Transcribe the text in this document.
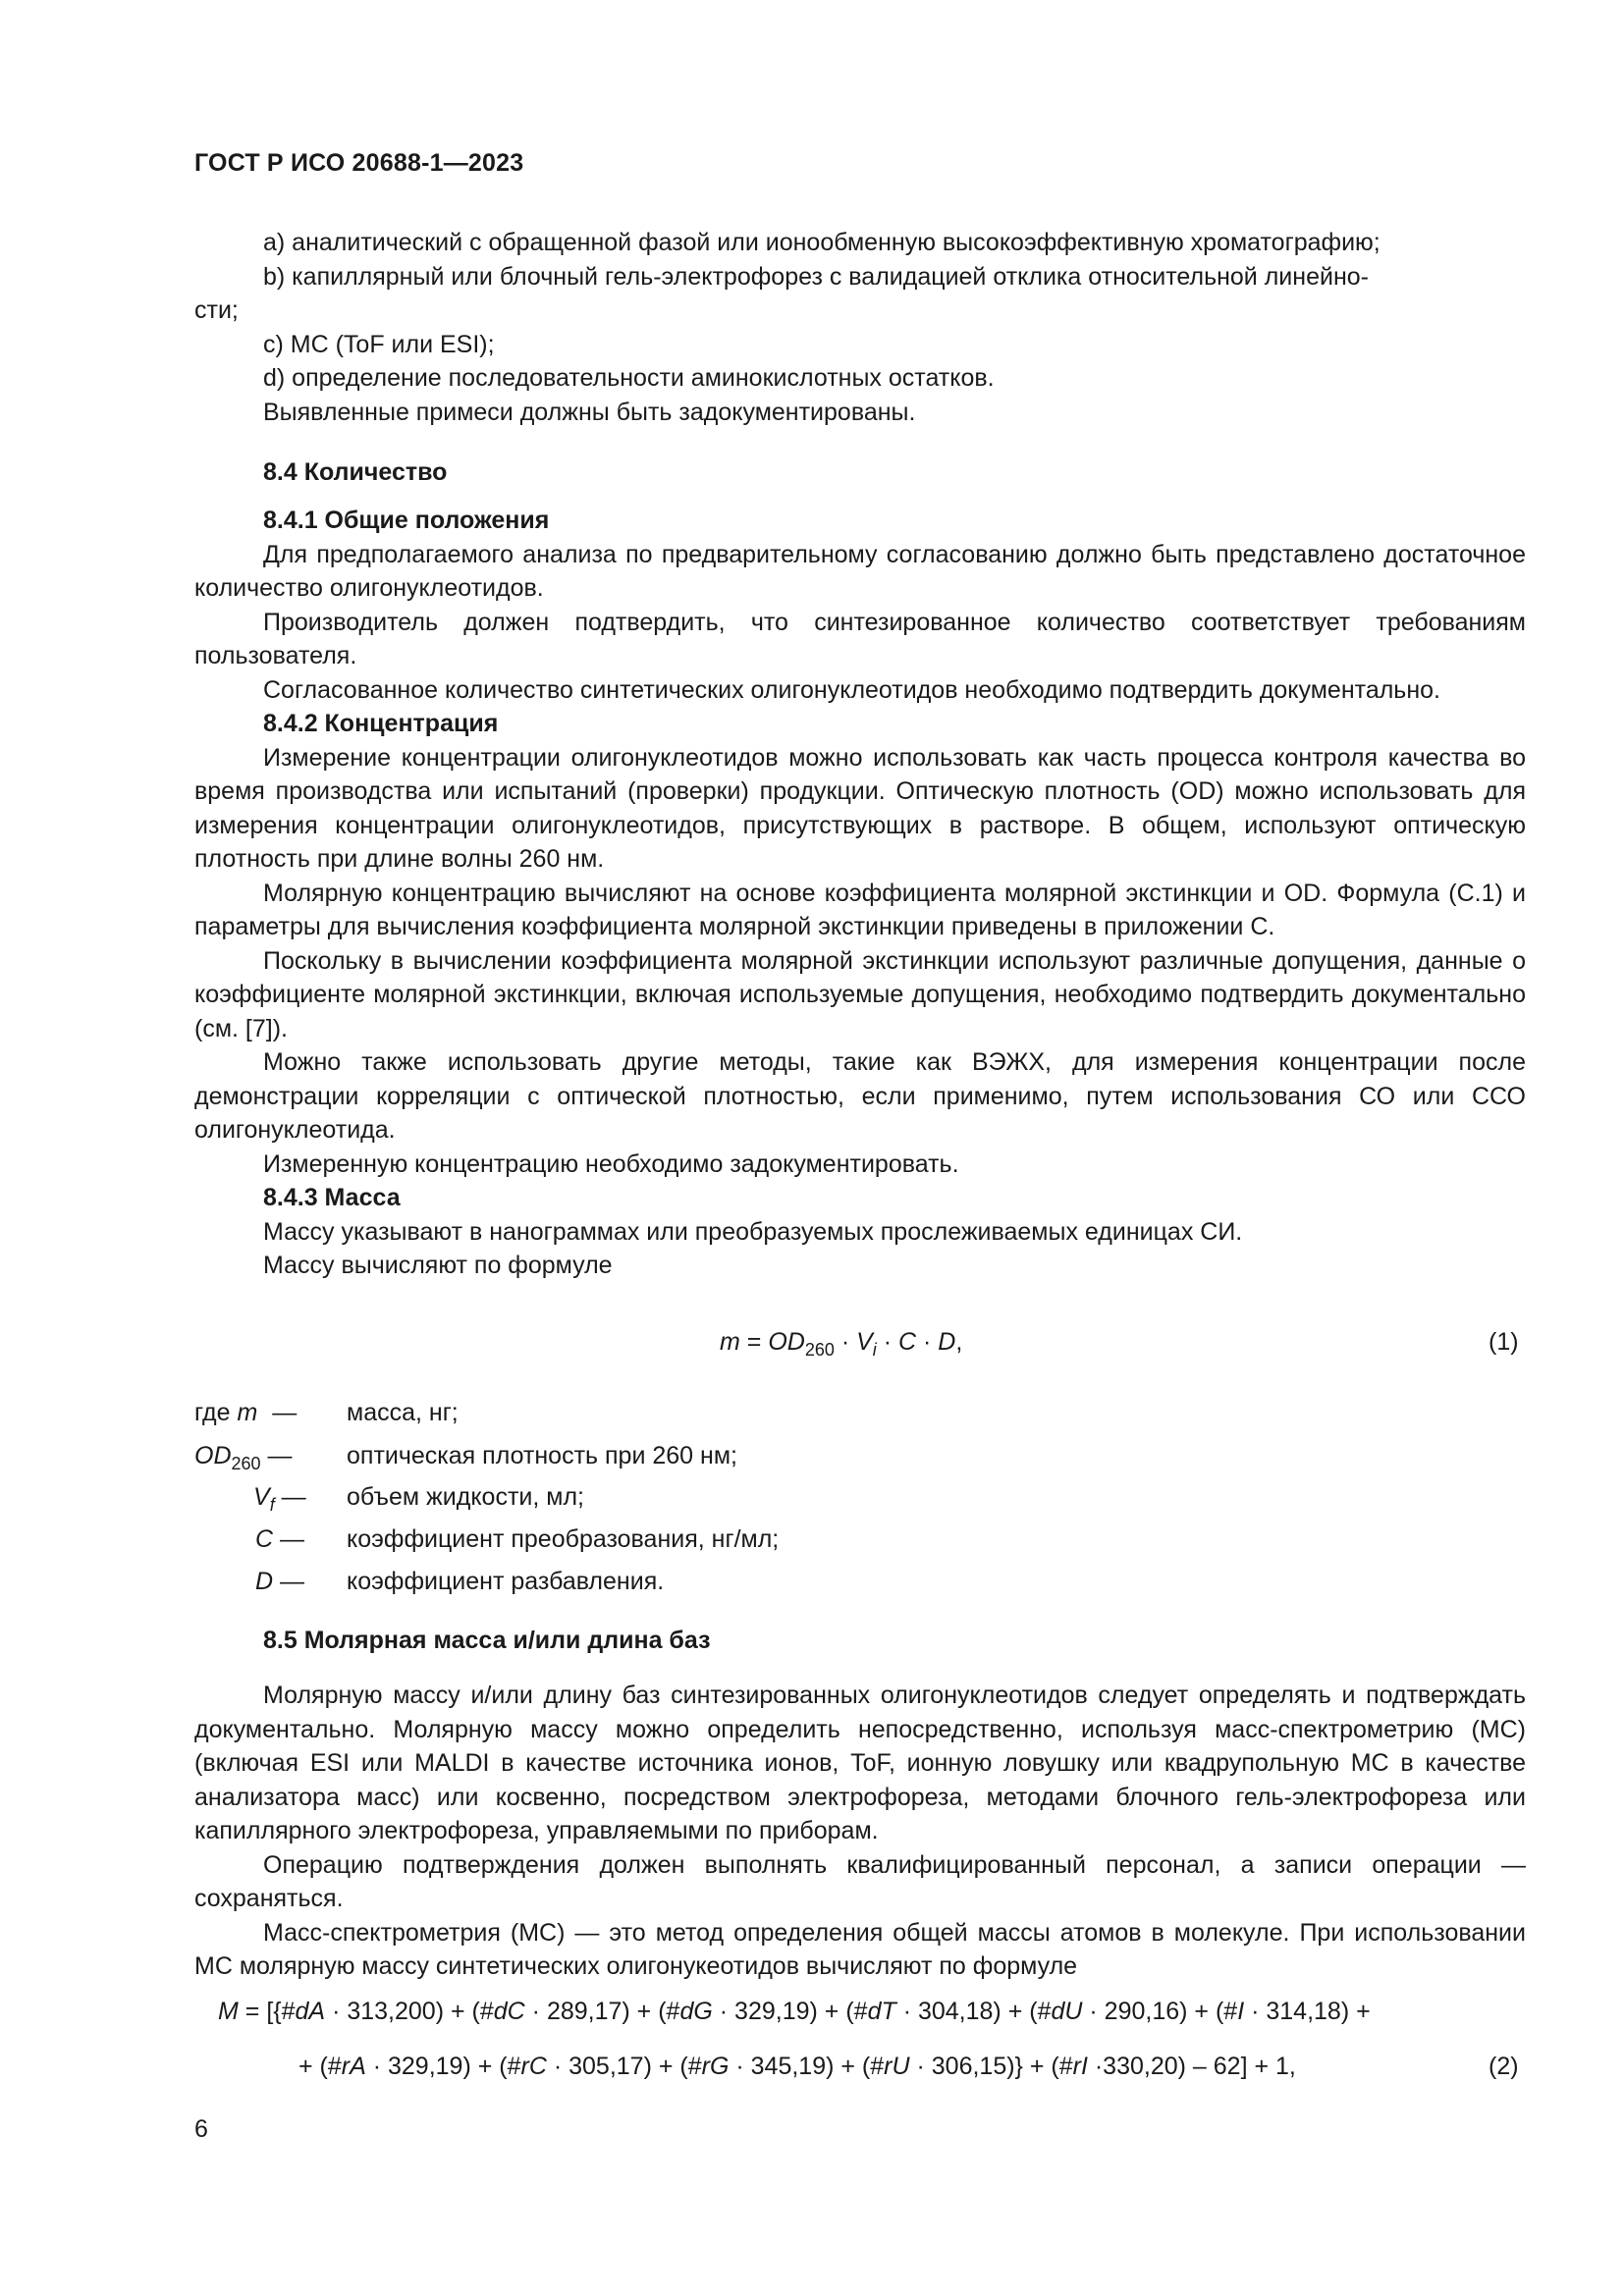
ГОСТ Р ИСО 20688-1—2023
a) аналитический с обращенной фазой или ионообменную высокоэффективную хроматографию;
b) капиллярный или блочный гель-электрофорез с валидацией отклика относительной линейно-
сти;
c) МС (ToF или ESI);
d) определение последовательности аминокислотных остатков.
Выявленные примеси должны быть задокументированы.
8.4 Количество
8.4.1 Общие положения

Для предполагаемого анализа по предварительному согласованию должно быть представлено достаточное количество олигонуклеотидов.

Производитель должен подтвердить, что синтезированное количество соответствует требованиям пользователя.

Согласованное количество синтетических олигонуклеотидов необходимо подтвердить документально.

8.4.2 Концентрация

Измерение концентрации олигонуклеотидов можно использовать как часть процесса контроля качества во время производства или испытаний (проверки) продукции. Оптическую плотность (OD) можно использовать для измерения концентрации олигонуклеотидов, присутствующих в растворе. В общем, используют оптическую плотность при длине волны 260 нм.

Молярную концентрацию вычисляют на основе коэффициента молярной экстинкции и OD. Формула (С.1) и параметры для вычисления коэффициента молярной экстинкции приведены в приложении С.

Поскольку в вычислении коэффициента молярной экстинкции используют различные допущения, данные о коэффициенте молярной экстинкции, включая используемые допущения, необходимо подтвердить документально (см. [7]).

Можно также использовать другие методы, такие как ВЭЖХ, для измерения концентрации после демонстрации корреляции с оптической плотностью, если применимо, путем использования СО или ССО олигонуклеотида.

Измеренную концентрацию необходимо задокументировать.

8.4.3 Масса

Массу указывают в нанограммах или преобразуемых прослеживаемых единицах СИ.

Массу вычисляют по формуле

$m = OD_{260} \cdot V_i \cdot C \cdot D$,	(1)
где m —	масса, нг;
$OD_{260}$ —	оптическая плотность при 260 нм;
$V_f$ —	объем жидкости, мл;
C —	коэффициент преобразования, нг/мл;
D —	коэффициент разбавления.
8.5 Молярная масса и/или длина баз

Молярную массу и/или длину баз синтезированных олигонуклеотидов следует определять и подтверждать документально. Молярную массу можно определить непосредственно, используя масс-спектрометрию (МС) (включая ESI или MALDI в качестве источника ионов, ToF, ионную ловушку или квадрупольную МС в качестве анализатора масс) или косвенно, посредством электрофореза, методами блочного гель-электрофореза или капиллярного электрофореза, управляемыми по приборам.

Операцию подтверждения должен выполнять квалифицированный персонал, а записи операции — сохраняться.

Масс-спектрометрия (МС) — это метод определения общей массы атомов в молекуле. При использовании МС молярную массу синтетических олигонукеотидов вычисляют по формуле

M = [{#dA · 313,200) + (#dC · 289,17) + (#dG · 329,19) + (#dT · 304,18) + (#dU · 290,16) + (#I · 314,18) +
+ (#rA · 329,19) + (#rC · 305,17) + (#rG · 345,19) + (#rU · 306,15)} + (#rI ·330,20) – 62] + 1,	(2)
6
